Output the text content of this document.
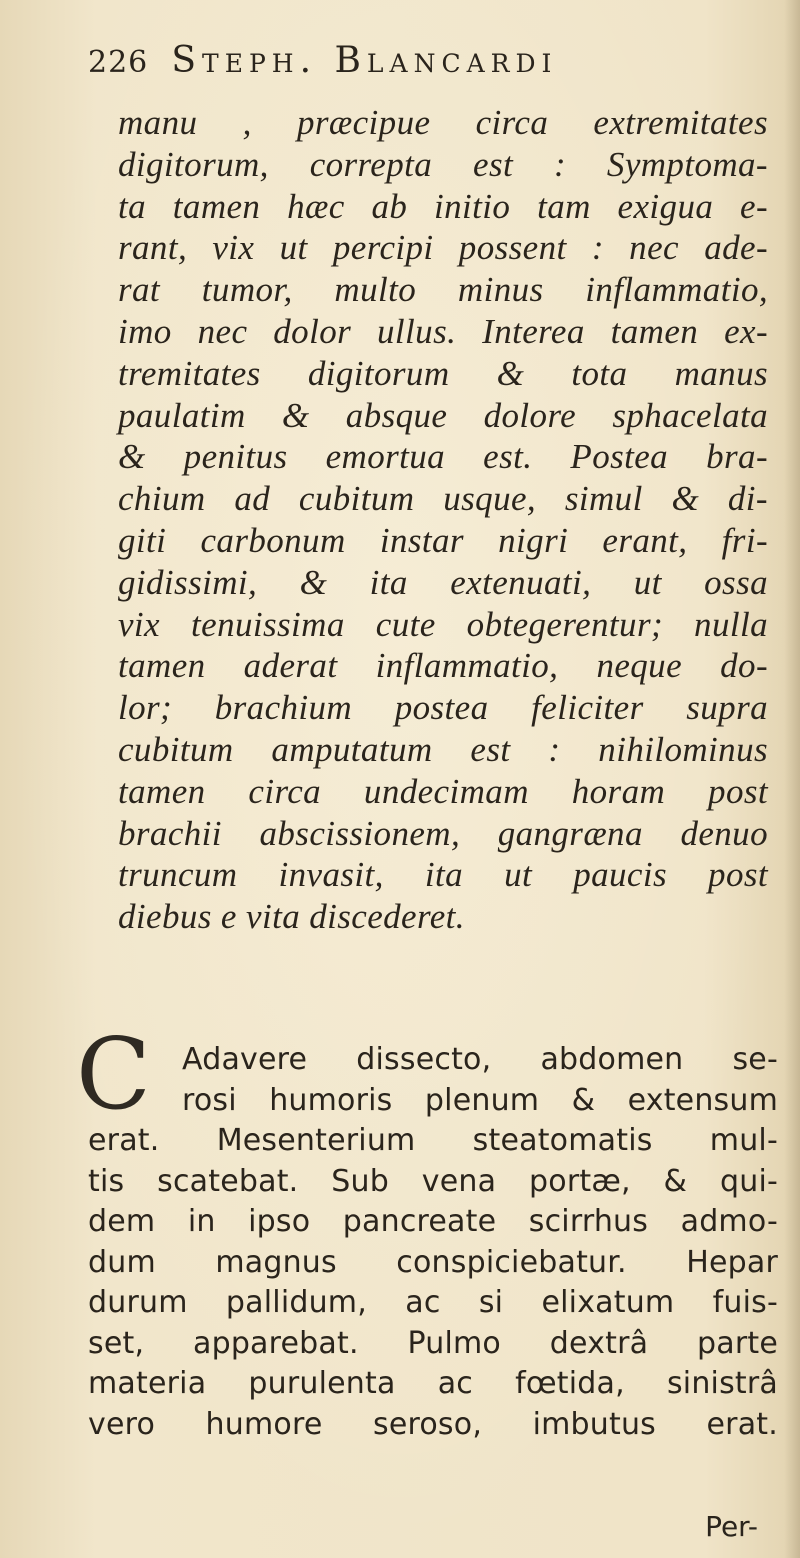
226 Steph. Blancardi
manu , præcipue circa extremitates
digitorum, correpta est : Symptoma-
ta tamen hæc ab initio tam exigua e-
rant, vix ut percipi possent : nec ade-
rat tumor, multo minus inflammatio,
imo nec dolor ullus. Interea tamen ex-
tremitates digitorum & tota manus
paulatim & absque dolore sphacelata
& penitus emortua est. Postea bra-
chium ad cubitum usque, simul & di-
giti carbonum instar nigri erant, fri-
gidissimi, & ita extenuati, ut ossa
vix tenuissima cute obtegerentur; nulla
tamen aderat inflammatio, neque do-
lor; brachium postea feliciter supra
cubitum amputatum est : nihilominus
tamen circa undecimam horam post
brachii abscissionem, gangræna denuo
truncum invasit, ita ut paucis post
diebus e vita discederet.
C	Adavere dissecto, abdomen se-
rosi humoris plenum & extensum
erat. Mesenterium steatomatis mul-
tis scatebat. Sub vena portæ, & qui-
dem in ipso pancreate scirrhus admo-
dum magnus conspiciebatur. Hepar
durum pallidum, ac si elixatum fuis-
set, apparebat. Pulmo dextrâ parte
materia purulenta ac fœtida, sinistrâ
vero humore seroso, imbutus erat.
Per-
